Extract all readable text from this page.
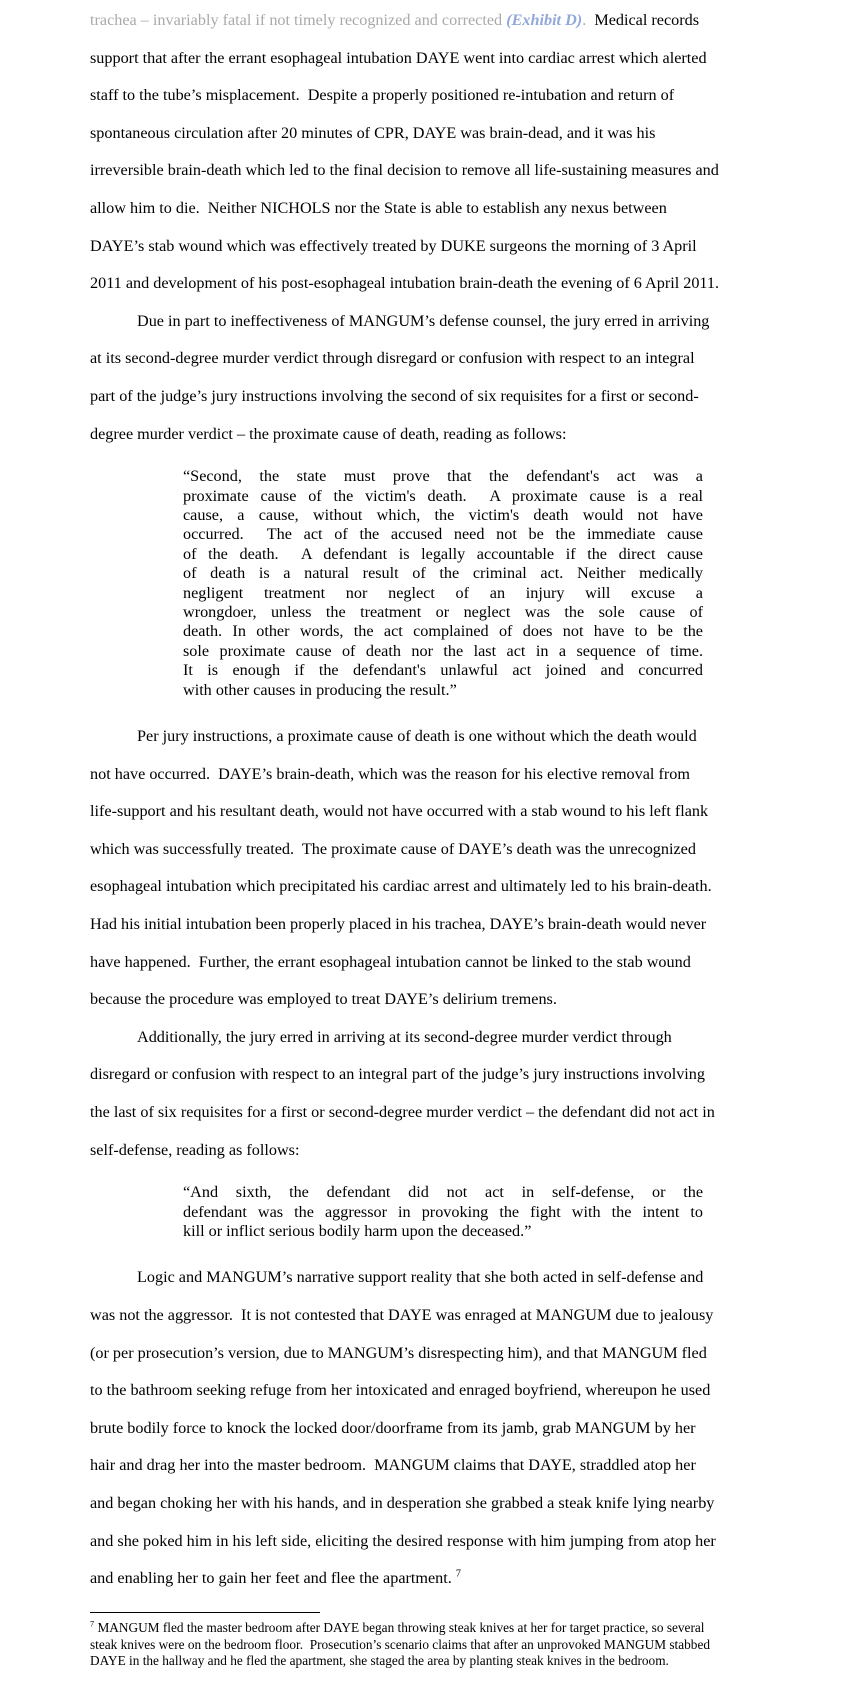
trachea – invariably fatal if not timely recognized and corrected (Exhibit D).  Medical records
support that after the errant esophageal intubation DAYE went into cardiac arrest which alerted
staff to the tube’s misplacement.  Despite a properly positioned re-intubation and return of
spontaneous circulation after 20 minutes of CPR, DAYE was brain-dead, and it was his
irreversible brain-death which led to the final decision to remove all life-sustaining measures and
allow him to die.  Neither NICHOLS nor the State is able to establish any nexus between
DAYE’s stab wound which was effectively treated by DUKE surgeons the morning of 3 April
2011 and development of his post-esophageal intubation brain-death the evening of 6 April 2011.
Due in part to ineffectiveness of MANGUM’s defense counsel, the jury erred in arriving
at its second-degree murder verdict through disregard or confusion with respect to an integral
part of the judge’s jury instructions involving the second of six requisites for a first or second-
degree murder verdict – the proximate cause of death, reading as follows:
“Second, the state must prove that the defendant's act was a
proximate cause of the victim's death.  A proximate cause is a real
cause, a cause, without which, the victim's death would not have
occurred.  The act of the accused need not be the immediate cause
of the death.  A defendant is legally accountable if the direct cause
of death is a natural result of the criminal act. Neither medically
negligent treatment nor neglect of an injury will excuse a
wrongdoer, unless the treatment or neglect was the sole cause of
death. In other words, the act complained of does not have to be the
sole proximate cause of death nor the last act in a sequence of time.
It is enough if the defendant's unlawful act joined and concurred
with other causes in producing the result.”
Per jury instructions, a proximate cause of death is one without which the death would
not have occurred.  DAYE’s brain-death, which was the reason for his elective removal from
life-support and his resultant death, would not have occurred with a stab wound to his left flank
which was successfully treated.  The proximate cause of DAYE’s death was the unrecognized
esophageal intubation which precipitated his cardiac arrest and ultimately led to his brain-death.
Had his initial intubation been properly placed in his trachea, DAYE’s brain-death would never
have happened.  Further, the errant esophageal intubation cannot be linked to the stab wound
because the procedure was employed to treat DAYE’s delirium tremens.
Additionally, the jury erred in arriving at its second-degree murder verdict through
disregard or confusion with respect to an integral part of the judge’s jury instructions involving
the last of six requisites for a first or second-degree murder verdict – the defendant did not act in
self-defense, reading as follows:
“And sixth, the defendant did not act in self-defense, or the
defendant was the aggressor in provoking the fight with the intent to
kill or inflict serious bodily harm upon the deceased.”
Logic and MANGUM’s narrative support reality that she both acted in self-defense and
was not the aggressor.  It is not contested that DAYE was enraged at MANGUM due to jealousy
(or per prosecution’s version, due to MANGUM’s disrespecting him), and that MANGUM fled
to the bathroom seeking refuge from her intoxicated and enraged boyfriend, whereupon he used
brute bodily force to knock the locked door/doorframe from its jamb, grab MANGUM by her
hair and drag her into the master bedroom.  MANGUM claims that DAYE, straddled atop her
and began choking her with his hands, and in desperation she grabbed a steak knife lying nearby
and she poked him in his left side, eliciting the desired response with him jumping from atop her
and enabling her to gain her feet and flee the apartment. $^7$
$^7$ MANGUM fled the master bedroom after DAYE began throwing steak knives at her for target practice, so several
steak knives were on the bedroom floor.  Prosecution’s scenario claims that after an unprovoked MANGUM stabbed
DAYE in the hallway and he fled the apartment, she staged the area by planting steak knives in the bedroom.
